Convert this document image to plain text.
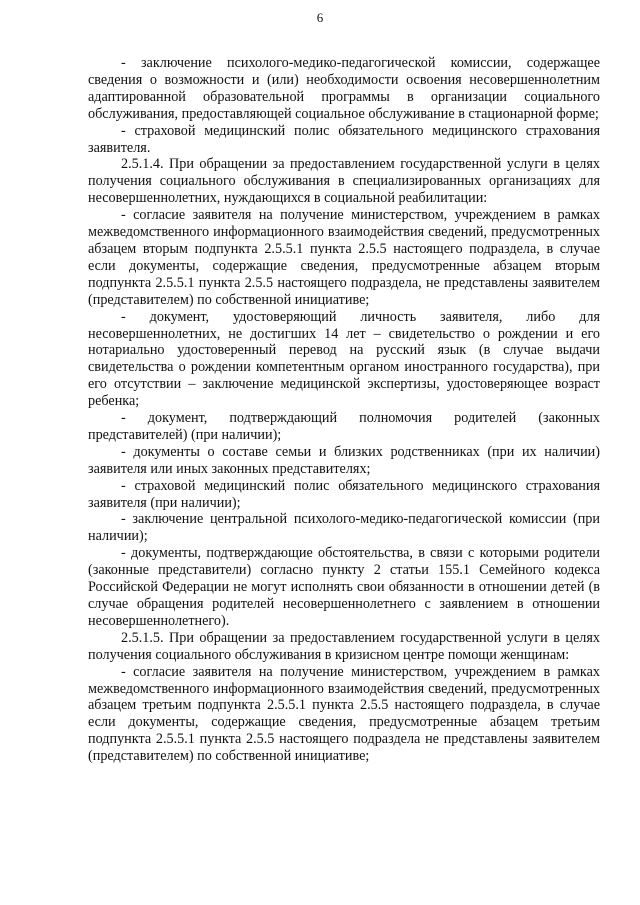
6

- заключение психолого-медико-педагогической комиссии, содержащее сведения о возможности и (или) необходимости освоения несовершеннолетним адаптированной образовательной программы в организации социального обслуживания, предоставляющей социальное обслуживание в стационарной форме;

- страховой медицинский полис обязательного медицинского страхования заявителя.

2.5.1.4. При обращении за предоставлением государственной услуги в целях получения социального обслуживания в специализированных организациях для несовершеннолетних, нуждающихся в социальной реабилитации:

- согласие заявителя на получение министерством, учреждением в рамках межведомственного информационного взаимодействия сведений, предусмотренных абзацем вторым подпункта 2.5.5.1 пункта 2.5.5 настоящего подраздела, в случае если документы, содержащие сведения, предусмотренные абзацем вторым подпункта 2.5.5.1 пункта 2.5.5 настоящего подраздела, не представлены заявителем (представителем) по собственной инициативе;

- документ, удостоверяющий личность заявителя, либо для несовершеннолетних, не достигших 14 лет – свидетельство о рождении и его нотариально удостоверенный перевод на русский язык (в случае выдачи свидетельства о рождении компетентным органом иностранного государства), при его отсутствии – заключение медицинской экспертизы, удостоверяющее возраст ребенка;

- документ, подтверждающий полномочия родителей (законных представителей) (при наличии);

- документы о составе семьи и близких родственниках (при их наличии) заявителя или иных законных представителях;

- страховой медицинский полис обязательного медицинского страхования заявителя (при наличии);

- заключение центральной психолого-медико-педагогической комиссии (при наличии);

- документы, подтверждающие обстоятельства, в связи с которыми родители (законные представители) согласно пункту 2 статьи 155.1 Семейного кодекса Российской Федерации не могут исполнять свои обязанности в отношении детей (в случае обращения родителей несовершеннолетнего с заявлением в отношении несовершеннолетнего).

2.5.1.5. При обращении за предоставлением государственной услуги в целях получения социального обслуживания в кризисном центре помощи женщинам:

- согласие заявителя на получение министерством, учреждением в рамках межведомственного информационного взаимодействия сведений, предусмотренных абзацем третьим подпункта 2.5.5.1 пункта 2.5.5 настоящего подраздела, в случае если документы, содержащие сведения, предусмотренные абзацем третьим подпункта 2.5.5.1 пункта 2.5.5 настоящего подраздела не представлены заявителем (представителем) по собственной инициативе;
